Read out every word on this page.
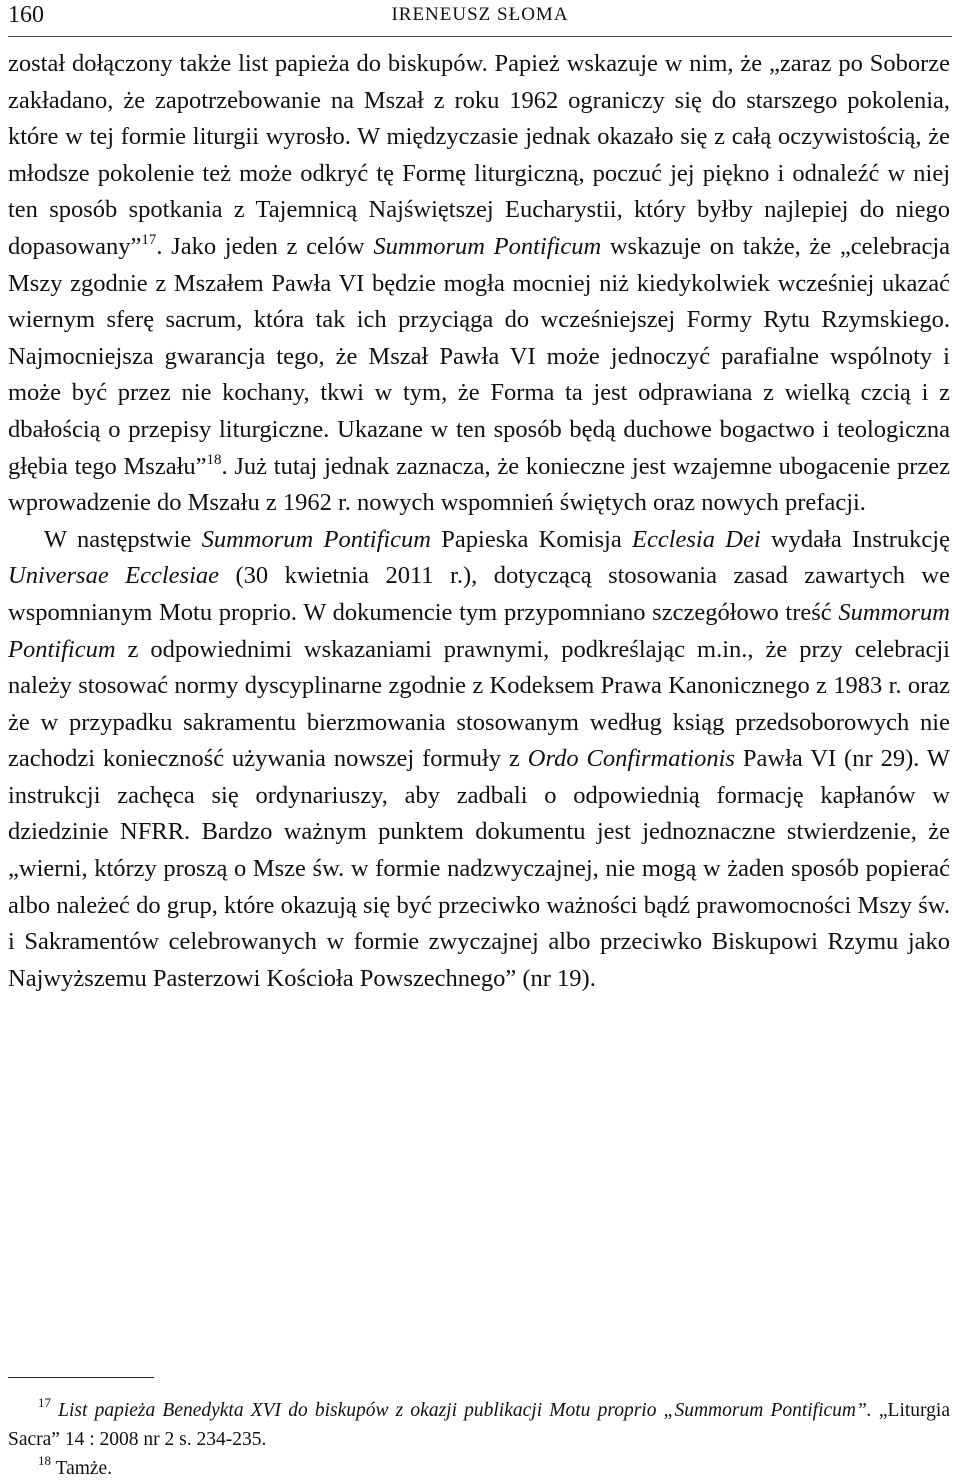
160	IRENEUSZ SŁOMA

został dołączony także list papieża do biskupów. Papież wskazuje w nim, że „zaraz po Soborze zakładano, że zapotrzebowanie na Mszał z roku 1962 ograniczy się do starszego pokolenia, które w tej formie liturgii wyrosło. W międzyczasie jednak okazało się z całą oczywistością, że młodsze pokolenie też może odkryć tę Formę liturgiczną, poczuć jej piękno i odnaleźć w niej ten sposób spotkania z Tajemnicą Najświętszej Eucharystii, który byłby najlepiej do niego dopasowany”$^{17}$. Jako jeden z celów Summorum Pontificum wskazuje on także, że „celebracja Mszy zgodnie z Mszałem Pawła VI będzie mogła mocniej niż kiedykolwiek wcześniej ukazać wiernym sferę sacrum, która tak ich przyciąga do wcześniejszej Formy Rytu Rzymskiego. Najmocniejsza gwarancja tego, że Mszał Pawła VI może jednoczyć parafialne wspólnoty i może być przez nie kochany, tkwi w tym, że Forma ta jest odprawiana z wielką czcią i z dbałością o przepisy liturgiczne. Ukazane w ten sposób będą duchowe bogactwo i teologiczna głębia tego Mszału”$^{18}$. Już tutaj jednak zaznacza, że konieczne jest wzajemne ubogacenie przez wprowadzenie do Mszału z 1962 r. nowych wspomnień świętych oraz nowych prefacji.

W następstwie Summorum Pontificum Papieska Komisja Ecclesia Dei wydała Instrukcję Universae Ecclesiae (30 kwietnia 2011 r.), dotyczącą stosowania zasad zawartych we wspomnianym Motu proprio. W dokumencie tym przypomniano szczegółowo treść Summorum Pontificum z odpowiednimi wskazaniami prawnymi, podkreślając m.in., że przy celebracji należy stosować normy dyscyplinarne zgodnie z Kodeksem Prawa Kanonicznego z 1983 r. oraz że w przypadku sakramentu bierzmowania stosowanym według ksiąg przedsoborowych nie zachodzi konieczność używania nowszej formuły z Ordo Confirmationis Pawła VI (nr 29). W instrukcji zachęca się ordynariuszy, aby zadbali o odpowiednią formację kapłanów w dziedzinie NFRR. Bardzo ważnym punktem dokumentu jest jednoznaczne stwierdzenie, że „wierni, którzy proszą o Msze św. w formie nadzwyczajnej, nie mogą w żaden sposób popierać albo należeć do grup, które okazują się być przeciwko ważności bądź prawomocności Mszy św. i Sakramentów celebrowanych w formie zwyczajnej albo przeciwko Biskupowi Rzymu jako Najwyższemu Pasterzowi Kościoła Powszechnego” (nr 19).

$^{17}$ List papieża Benedykta XVI do biskupów z okazji publikacji Motu proprio „Summorum Pontificum”. „Liturgia Sacra” 14 : 2008 nr 2 s. 234-235.

$^{18}$ Tamże.
